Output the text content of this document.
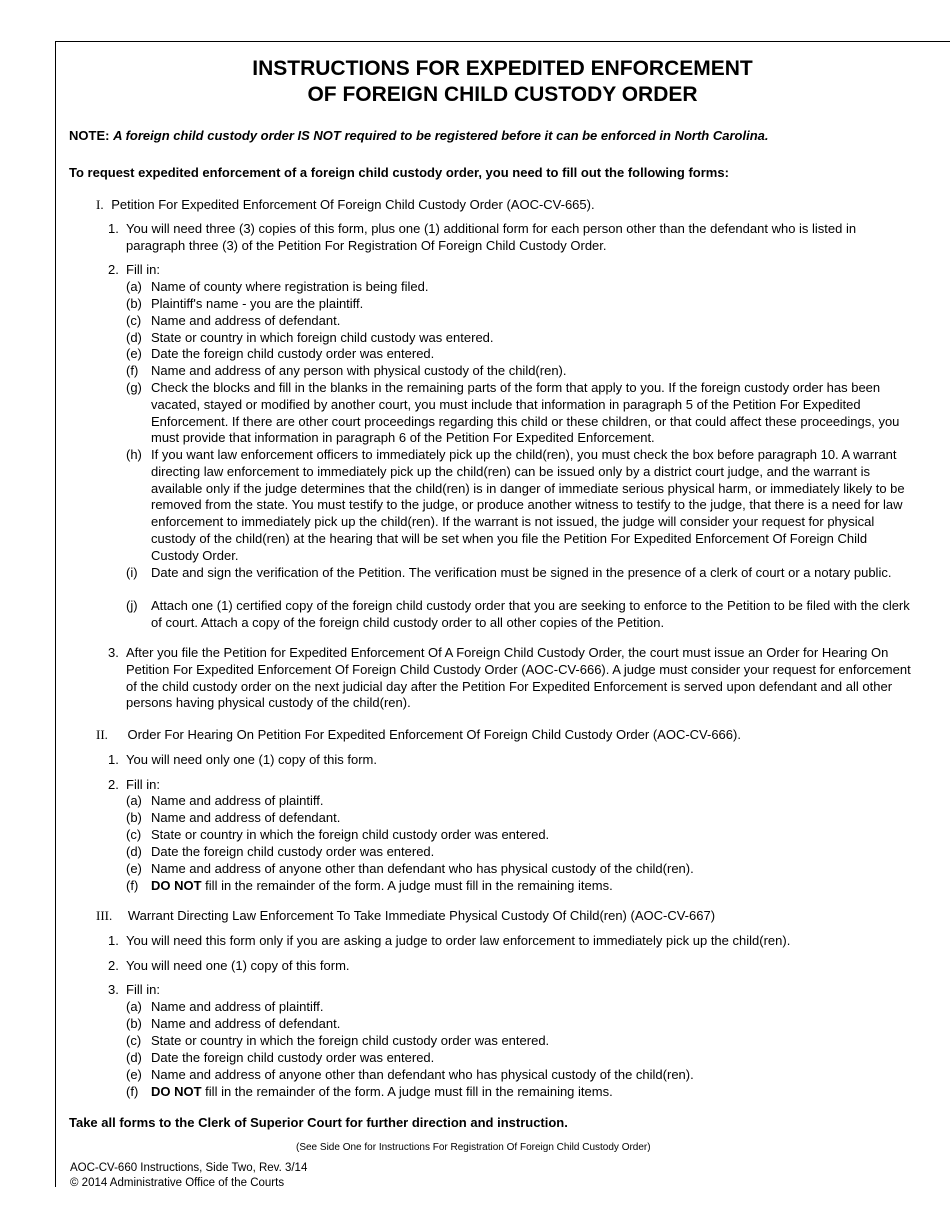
INSTRUCTIONS FOR EXPEDITED ENFORCEMENT
OF FOREIGN CHILD CUSTODY ORDER
NOTE: A foreign child custody order IS NOT required to be registered before it can be enforced in North Carolina.
To request expedited enforcement of a foreign child custody order, you need to fill out the following forms:
I. Petition For Expedited Enforcement Of Foreign Child Custody Order (AOC-CV-665).
1. You will need three (3) copies of this form, plus one (1) additional form for each person other than the defendant who is listed in paragraph three (3) of the Petition For Registration Of Foreign Child Custody Order.
2. Fill in:
(a) Name of county where registration is being filed.
(b) Plaintiff's name - you are the plaintiff.
(c) Name and address of defendant.
(d) State or country in which foreign child custody was entered.
(e) Date the foreign child custody order was entered.
(f) Name and address of any person with physical custody of the child(ren).
(g) Check the blocks and fill in the blanks in the remaining parts of the form that apply to you. If the foreign custody order has been vacated, stayed or modified by another court, you must include that information in paragraph 5 of the Petition For Expedited Enforcement. If there are other court proceedings regarding this child or these children, or that could affect these proceedings, you must provide that information in paragraph 6 of the Petition For Expedited Enforcement.
(h) If you want law enforcement officers to immediately pick up the child(ren), you must check the box before paragraph 10. A warrant directing law enforcement to immediately pick up the child(ren) can be issued only by a district court judge, and the warrant is available only if the judge determines that the child(ren) is in danger of immediate serious physical harm, or immediately likely to be removed from the state. You must testify to the judge, or produce another witness to testify to the judge, that there is a need for law enforcement to immediately pick up the child(ren). If the warrant is not issued, the judge will consider your request for physical custody of the child(ren) at the hearing that will be set when you file the Petition For Expedited Enforcement Of Foreign Child Custody Order.
(i) Date and sign the verification of the Petition. The verification must be signed in the presence of a clerk of court or a notary public.
(j) Attach one (1) certified copy of the foreign child custody order that you are seeking to enforce to the Petition to be filed with the clerk of court. Attach a copy of the foreign child custody order to all other copies of the Petition.
3. After you file the Petition for Expedited Enforcement Of A Foreign Child Custody Order, the court must issue an Order for Hearing On Petition For Expedited Enforcement Of Foreign Child Custody Order (AOC-CV-666). A judge must consider your request for enforcement of the child custody order on the next judicial day after the Petition For Expedited Enforcement is served upon defendant and all other persons having physical custody of the child(ren).
II. Order For Hearing On Petition For Expedited Enforcement Of Foreign Child Custody Order (AOC-CV-666).
1. You will need only one (1) copy of this form.
2. Fill in:
(a) Name and address of plaintiff.
(b) Name and address of defendant.
(c) State or country in which the foreign child custody order was entered.
(d) Date the foreign child custody order was entered.
(e) Name and address of anyone other than defendant who has physical custody of the child(ren).
(f) DO NOT fill in the remainder of the form. A judge must fill in the remaining items.
III. Warrant Directing Law Enforcement To Take Immediate Physical Custody Of Child(ren) (AOC-CV-667)
1. You will need this form only if you are asking a judge to order law enforcement to immediately pick up the child(ren).
2. You will need one (1) copy of this form.
3. Fill in:
(a) Name and address of plaintiff.
(b) Name and address of defendant.
(c) State or country in which the foreign child custody order was entered.
(d) Date the foreign child custody order was entered.
(e) Name and address of anyone other than defendant who has physical custody of the child(ren).
(f) DO NOT fill in the remainder of the form. A judge must fill in the remaining items.
Take all forms to the Clerk of Superior Court for further direction and instruction.
(See Side One for Instructions For Registration Of Foreign Child Custody Order)
AOC-CV-660 Instructions, Side Two, Rev. 3/14
© 2014 Administrative Office of the Courts
